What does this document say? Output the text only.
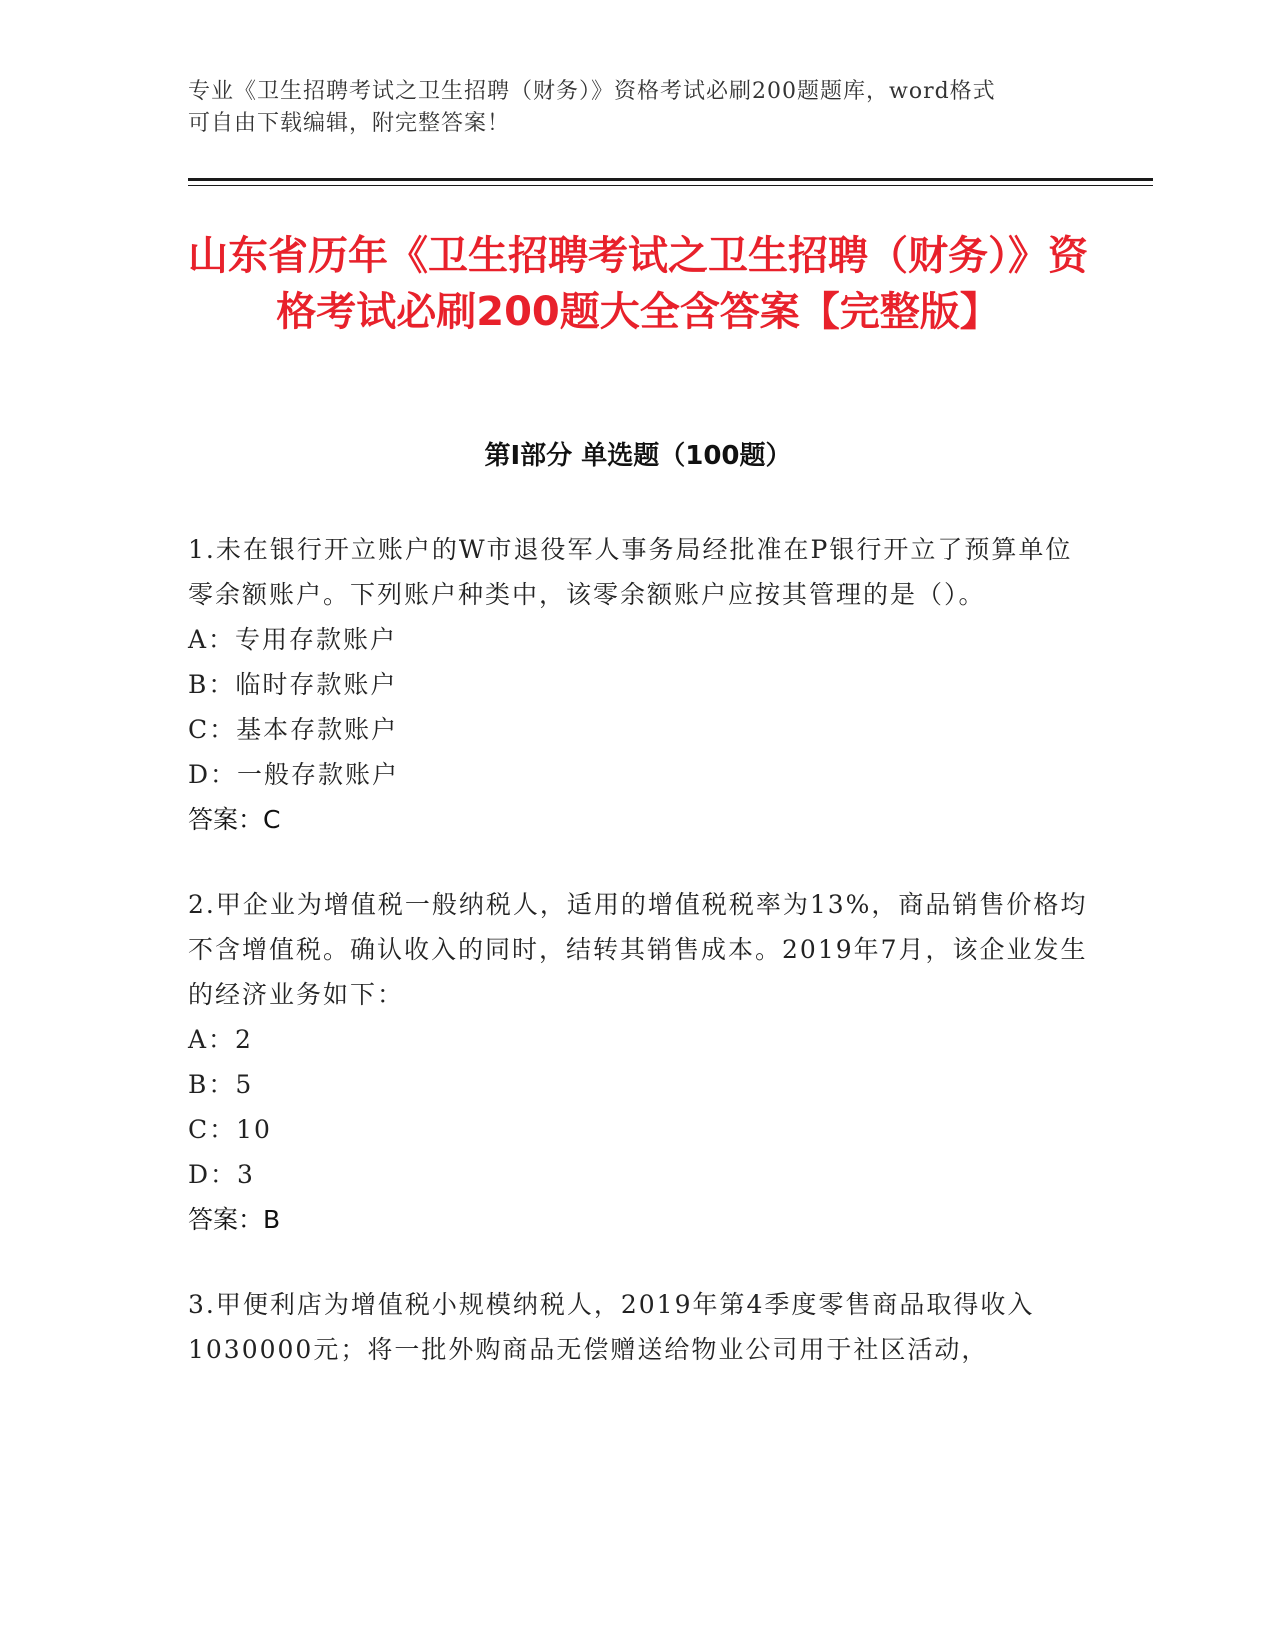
专业《卫生招聘考试之卫生招聘（财务）》资格考试必刷200题题库，word格式
可自由下载编辑，附完整答案！
山东省历年《卫生招聘考试之卫生招聘（财务）》资格考试必刷200题大全含答案【完整版】
第I部分 单选题（100题）

1.未在银行开立账户的W市退役军人事务局经批准在P银行开立了预算单位零余额账户。下列账户种类中，该零余额账户应按其管理的是（）。

A：专用存款账户

B：临时存款账户

C：基本存款账户

D：一般存款账户

答案：C

2.甲企业为增值税一般纳税人，适用的增值税税率为13%，商品销售价格均不含增值税。确认收入的同时，结转其销售成本。2019年7月，该企业发生的经济业务如下：

A：2

B：5

C：10

D：3

答案：B

3.甲便利店为增值税小规模纳税人，2019年第4季度零售商品取得收入1030000元；将一批外购商品无偿赠送给物业公司用于社区活动，
